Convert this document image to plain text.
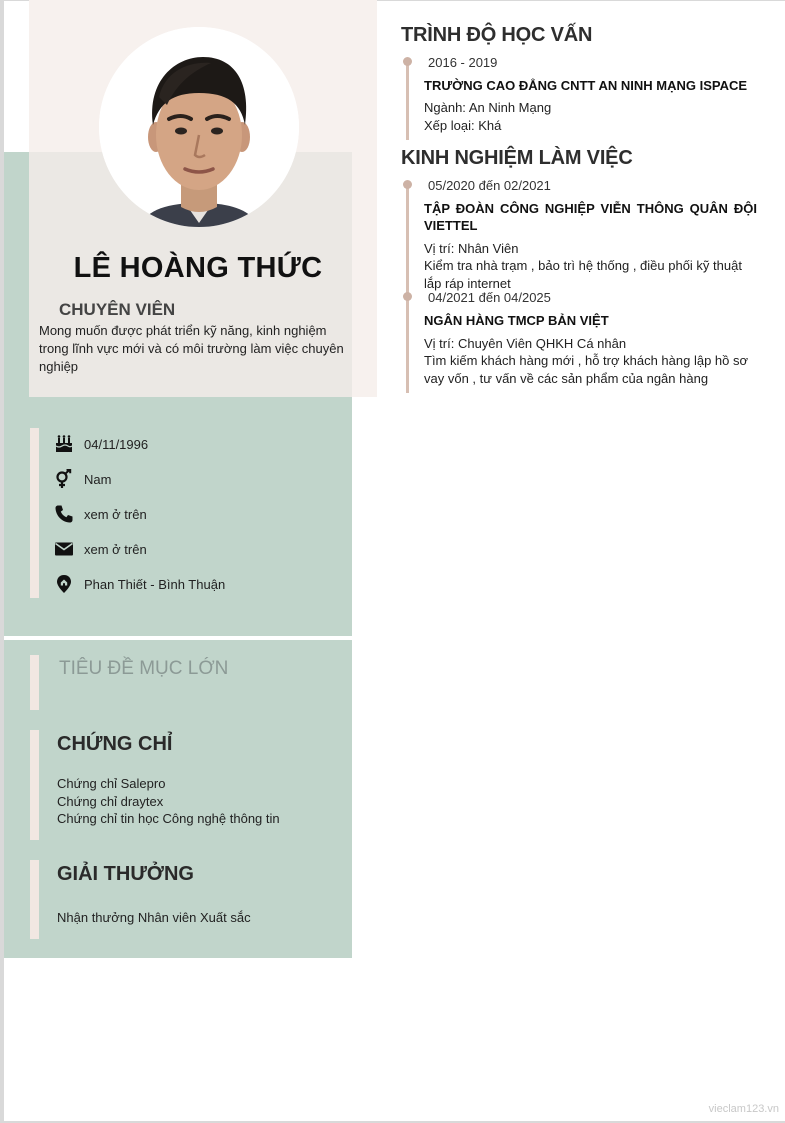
LÊ HOÀNG THỨC
CHUYÊN VIÊN
Mong muốn được phát triển kỹ năng, kinh nghiệm trong lĩnh vực mới và có môi trường làm việc chuyên nghiệp
04/11/1996
Nam
xem ở trên
xem ở trên
Phan Thiết - Bình Thuận
TIÊU ĐỀ MỤC LỚN
CHỨNG CHỈ
Chứng chỉ Salepro
Chứng chỉ draytex
Chứng chỉ tin học Công nghệ thông tin
GIẢI THƯỞNG
Nhận thưởng Nhân viên Xuất sắc
TRÌNH ĐỘ HỌC VẤN
2016 - 2019
TRƯỜNG CAO ĐẲNG CNTT AN NINH MẠNG ISPACE
Ngành: An Ninh Mạng
Xếp loại: Khá
KINH NGHIỆM LÀM VIỆC
05/2020 đến 02/2021
TẬP ĐOÀN CÔNG NGHIỆP VIỄN THÔNG QUÂN ĐỘI VIETTEL
Vị trí: Nhân Viên
Kiểm tra nhà trạm , bảo trì hệ thống , điều phối kỹ thuật lắp ráp internet
04/2021 đến 04/2025
NGÂN HÀNG TMCP BẢN VIỆT
Vị trí: Chuyên Viên QHKH Cá nhân
Tìm kiếm khách hàng mới , hỗ trợ khách hàng lập hồ sơ vay vốn , tư vấn về các sản phẩm của ngân hàng
vieclam123.vn
